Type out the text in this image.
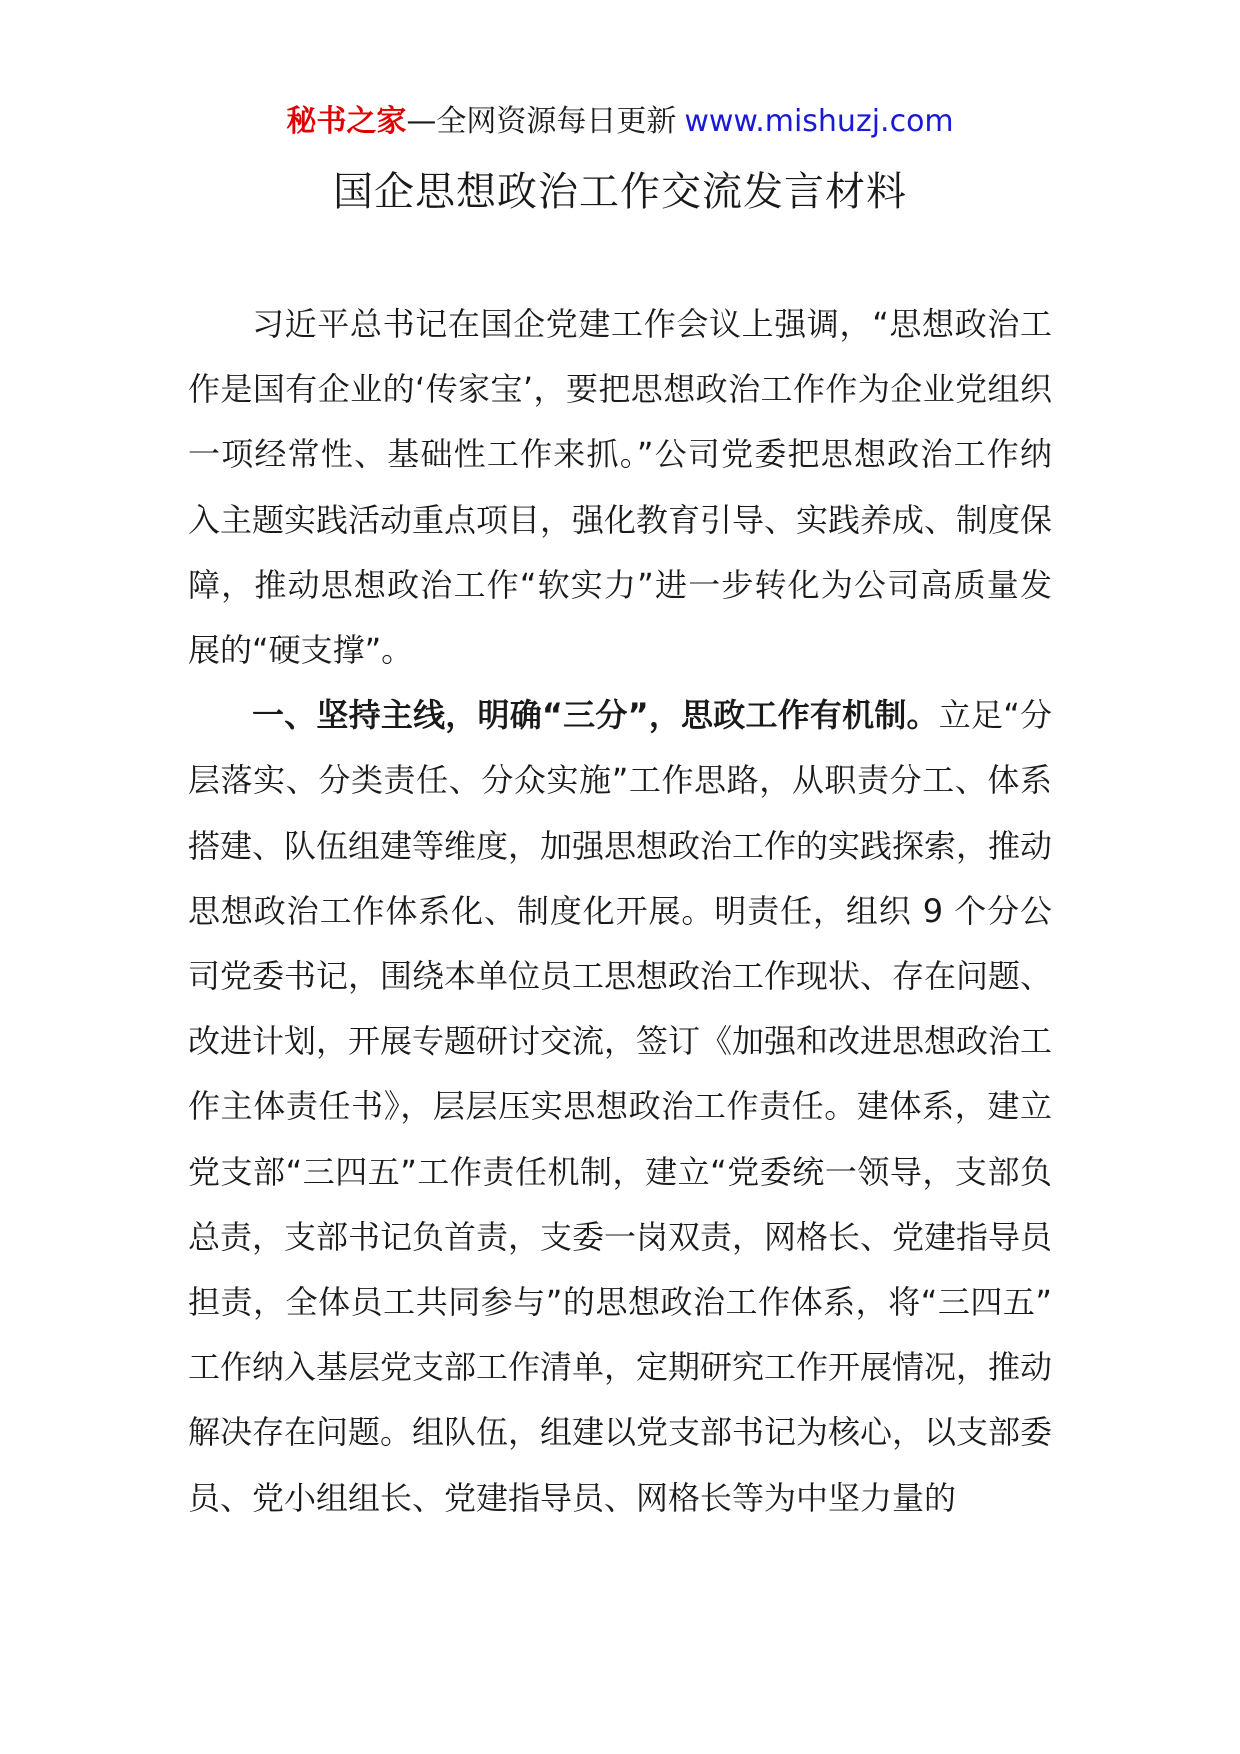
秘书之家—全网资源每日更新 www.mishuzj.com
国企思想政治工作交流发言材料

习近平总书记在国企党建工作会议上强调，“思想政治工作是国有企业的‘传家宝’，要把思想政治工作作为企业党组织一项经常性、基础性工作来抓。”公司党委把思想政治工作纳入主题实践活动重点项目，强化教育引导、实践养成、制度保障，推动思想政治工作“软实力”进一步转化为公司高质量发展的“硬支撑”。

一、坚持主线，明确“三分”，思政工作有机制。立足“分层落实、分类责任、分众实施”工作思路，从职责分工、体系搭建、队伍组建等维度，加强思想政治工作的实践探索，推动思想政治工作体系化、制度化开展。明责任，组织 9 个分公司党委书记，围绕本单位员工思想政治工作现状、存在问题、改进计划，开展专题研讨交流，签订《加强和改进思想政治工作主体责任书》，层层压实思想政治工作责任。建体系，建立党支部“三四五”工作责任机制，建立“党委统一领导，支部负总责，支部书记负首责，支委一岗双责，网格长、党建指导员担责，全体员工共同参与”的思想政治工作体系，将“三四五”工作纳入基层党支部工作清单，定期研究工作开展情况，推动解决存在问题。组队伍，组建以党支部书记为核心，以支部委员、党小组组长、党建指导员、网格长等为中坚力量的
